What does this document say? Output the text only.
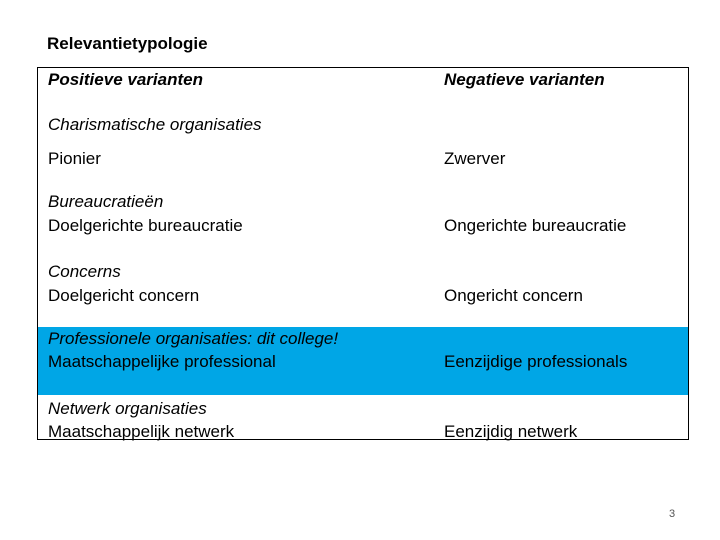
Relevantietypologie
Positieve varianten	Negatieve varianten
Charismatische organisaties
Pionier	Zwerver
Bureaucratieën
Doelgerichte bureaucratie	Ongerichte bureaucratie
Concerns
Doelgericht concern	Ongericht concern
Professionele organisaties: dit college!
Maatschappelijke professional	Eenzijdige professionals
Netwerk organisaties
Maatschappelijk netwerk	Eenzijdig netwerk
3
